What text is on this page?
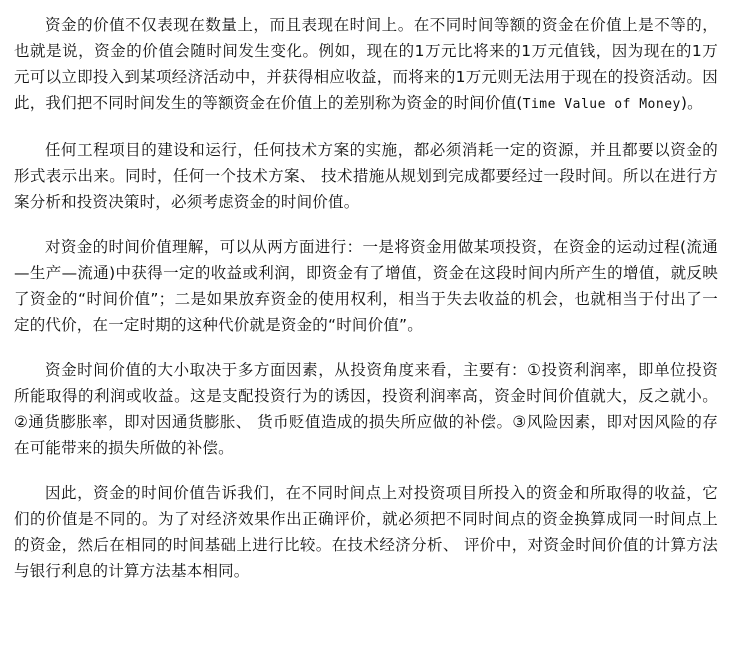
资金的价值不仅表现在数量上，而且表现在时间上。在不同时间等额的资金在价值上是不等的，也就是说，资金的价值会随时间发生变化。例如，现在的1万元比将来的1万元值钱，因为现在的1万元可以立即投入到某项经济活动中，并获得相应收益，而将来的1万元则无法用于现在的投资活动。因此，我们把不同时间发生的等额资金在价值上的差别称为资金的时间价值(Time Value of Money)。

任何工程项目的建设和运行，任何技术方案的实施，都必须消耗一定的资源，并且都要以资金的形式表示出来。同时，任何一个技术方案、 技术措施从规划到完成都要经过一段时间。所以在进行方案分析和投资决策时，必须考虑资金的时间价值。

对资金的时间价值理解，可以从两方面进行：一是将资金用做某项投资，在资金的运动过程(流通—生产—流通)中获得一定的收益或利润，即资金有了增值，资金在这段时间内所产生的增值，就反映了资金的“时间价值”；二是如果放弃资金的使用权利，相当于失去收益的机会，也就相当于付出了一定的代价，在一定时期的这种代价就是资金的“时间价值”。

资金时间价值的大小取决于多方面因素，从投资角度来看，主要有：①投资利润率，即单位投资所能取得的利润或收益。这是支配投资行为的诱因，投资利润率高，资金时间价值就大，反之就小。②通货膨胀率，即对因通货膨胀、 货币贬值造成的损失所应做的补偿。③风险因素，即对因风险的存在可能带来的损失所做的补偿。

因此，资金的时间价值告诉我们，在不同时间点上对投资项目所投入的资金和所取得的收益，它们的价值是不同的。为了对经济效果作出正确评价，就必须把不同时间点的资金换算成同一时间点上的资金，然后在相同的时间基础上进行比较。在技术经济分析、 评价中，对资金时间价值的计算方法与银行利息的计算方法基本相同。
